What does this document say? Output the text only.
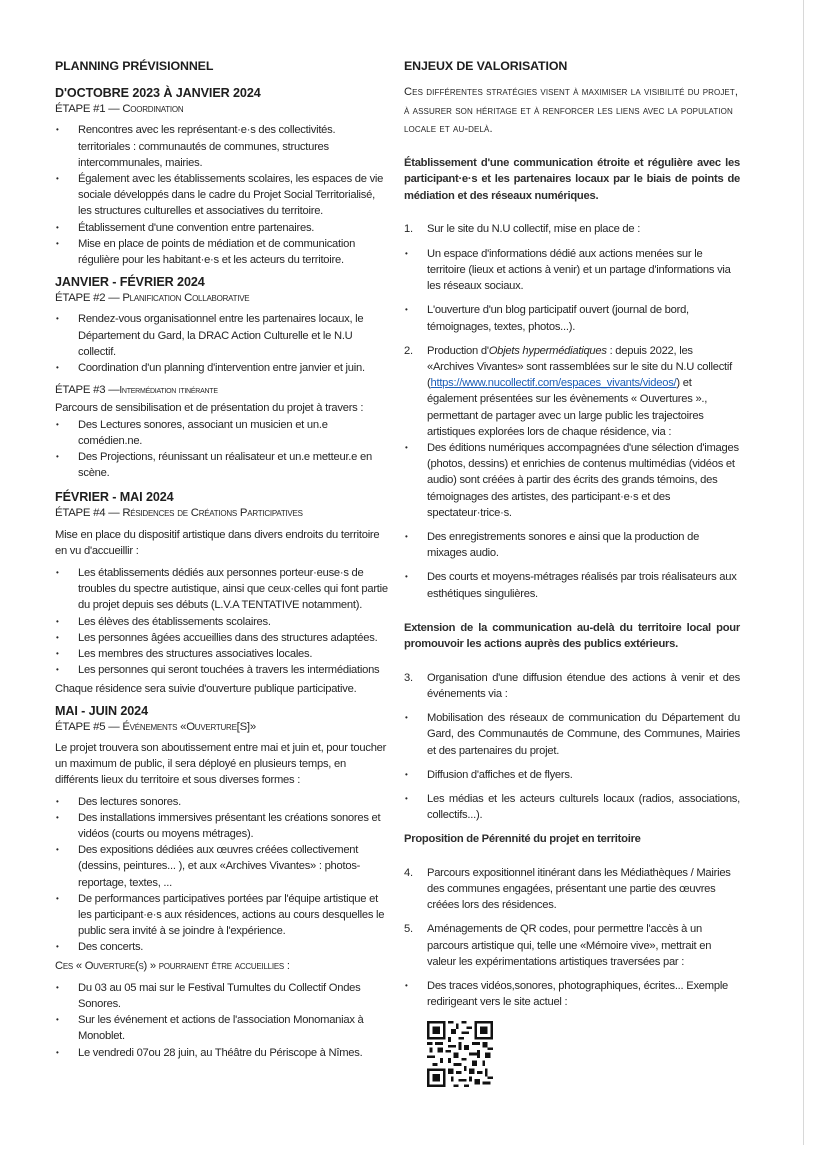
PLANNING PRÉVISIONNEL
D'OCTOBRE 2023 À JANVIER 2024
ÉTAPE #1 — Coordination
• Rencontres avec les représentant·e·s des collectivités. territoriales : communautés de communes, structures intercommunales, mairies.
• Également avec les établissements scolaires, les espaces de vie sociale développés dans le cadre du Projet Social Territorialisé, les structures culturelles et associatives du territoire.
• Établissement d'une convention entre partenaires.
• Mise en place de points de médiation et de communication régulière pour les habitant·e·s et les acteurs du territoire.
JANVIER - FÉVRIER 2024
ÉTAPE #2 — Planification Collaborative
• Rendez-vous organisationnel entre les partenaires locaux, le Département du Gard, la DRAC Action Culturelle et le N.U collectif.
• Coordination d'un planning d'intervention entre janvier et juin.
ÉTAPE #3 —Intermédiation itinérante

Parcours de sensibilisation et de présentation du projet à travers :

• Des Lectures sonores, associant un musicien et un.e comédien.ne.
• Des Projections, réunissant un réalisateur et un.e metteur.e en scène.
FÉVRIER - MAI 2024
ÉTAPE #4 — Résidences de Créations Participatives

Mise en place du dispositif artistique dans divers endroits du territoire en vu d'accueillir :

• Les établissements dédiés aux personnes porteur·euse·s de troubles du spectre autistique, ainsi que ceux·celles qui font partie du projet depuis ses débuts (L.V.A TENTATIVE notamment).
• Les élèves des établissements scolaires.
• Les personnes âgées accueillies dans des structures adaptées.
• Les membres des structures associatives locales.
• Les personnes qui seront touchées à travers les intermédiations

Chaque résidence sera suivie d'ouverture publique participative.

MAI - JUIN 2024
ÉTAPE #5 — Événements «Ouverture[S]»

Le projet trouvera son aboutissement entre mai et juin et, pour toucher un maximum de public, il sera déployé en plusieurs temps, en différents lieux du territoire et sous diverses formes :

• Des lectures sonores.
• Des installations immersives présentant les créations sonores et vidéos (courts ou moyens métrages).
• Des expositions dédiées aux œuvres créées collectivement (dessins, peintures... ), et aux «Archives Vivantes» : photos-reportage, textes, ...
• De performances participatives portées par l'équipe artistique et les participant·e·s aux résidences, actions au cours desquelles le public sera invité à se joindre à l'expérience.
• Des concerts.

Ces « Ouverture(s) » pourraient être accueillies :

• Du 03 au 05 mai sur le Festival Tumultes du Collectif Ondes Sonores.
• Sur les événement et actions de l'association Monomaniax à Monoblet.
• Le vendredi 07ou 28 juin, au Théâtre du Périscope à Nîmes.
ENJEUX DE VALORISATION

Ces différentes stratégies visent à maximiser la visibilité du projet, à assurer son héritage et à renforcer les liens avec la population locale et au-delà.

Établissement d'une communication étroite et régulière avec les participant·e·s et les partenaires locaux par le biais de points de médiation et des réseaux numériques.

1. Sur le site du N.U collectif, mise en place de :
• Un espace d'informations dédié aux actions menées sur le territoire (lieux et actions à venir) et un partage d'informations via les réseaux sociaux.
• L'ouverture d'un blog participatif ouvert (journal de bord, témoignages, textes, photos...).
2. Production d'Objets hypermédiatiques : depuis 2022, les «Archives Vivantes» sont rassemblées sur le site du N.U collectif (https://www.nucollectif.com/espaces_vivants/videos/) et également présentées sur les évènements « Ouvertures »., permettant de partager avec un large public les trajectoires artistiques explorées lors de chaque résidence, via :
• Des éditions numériques accompagnées d'une sélection d'images (photos, dessins) et enrichies de contenus multimédias (vidéos et audio) sont créées à partir des écrits des grands témoins, des témoignages des artistes, des participant·e·s et des spectateur·trice·s.
• Des enregistrements sonores e ainsi que la production de mixages audio.
• Des courts et moyens-métrages réalisés par trois réalisateurs aux esthétiques singulières.

Extension de la communication au-delà du territoire local pour promouvoir les actions auprès des publics extérieurs.

3. Organisation d'une diffusion étendue des actions à venir et des événements via :
• Mobilisation des réseaux de communication du Département du Gard, des Communautés de Commune, des Communes, Mairies et des partenaires du projet.
• Diffusion d'affiches et de flyers.
• Les médias et les acteurs culturels locaux (radios, associations, collectifs...).

Proposition de Pérennité du projet en territoire

4. Parcours expositionnel itinérant dans les Médiathèques / Mairies des communes engagées, présentant une partie des œuvres créées lors des résidences.
5. Aménagements de QR codes, pour permettre l'accès à un parcours artistique qui, telle une «Mémoire vive», mettrait en valeur les expérimentations artistiques traversées par :
• Des traces vidéos,sonores, photographiques, écrites... Exemple redirigeant vers le site actuel :
